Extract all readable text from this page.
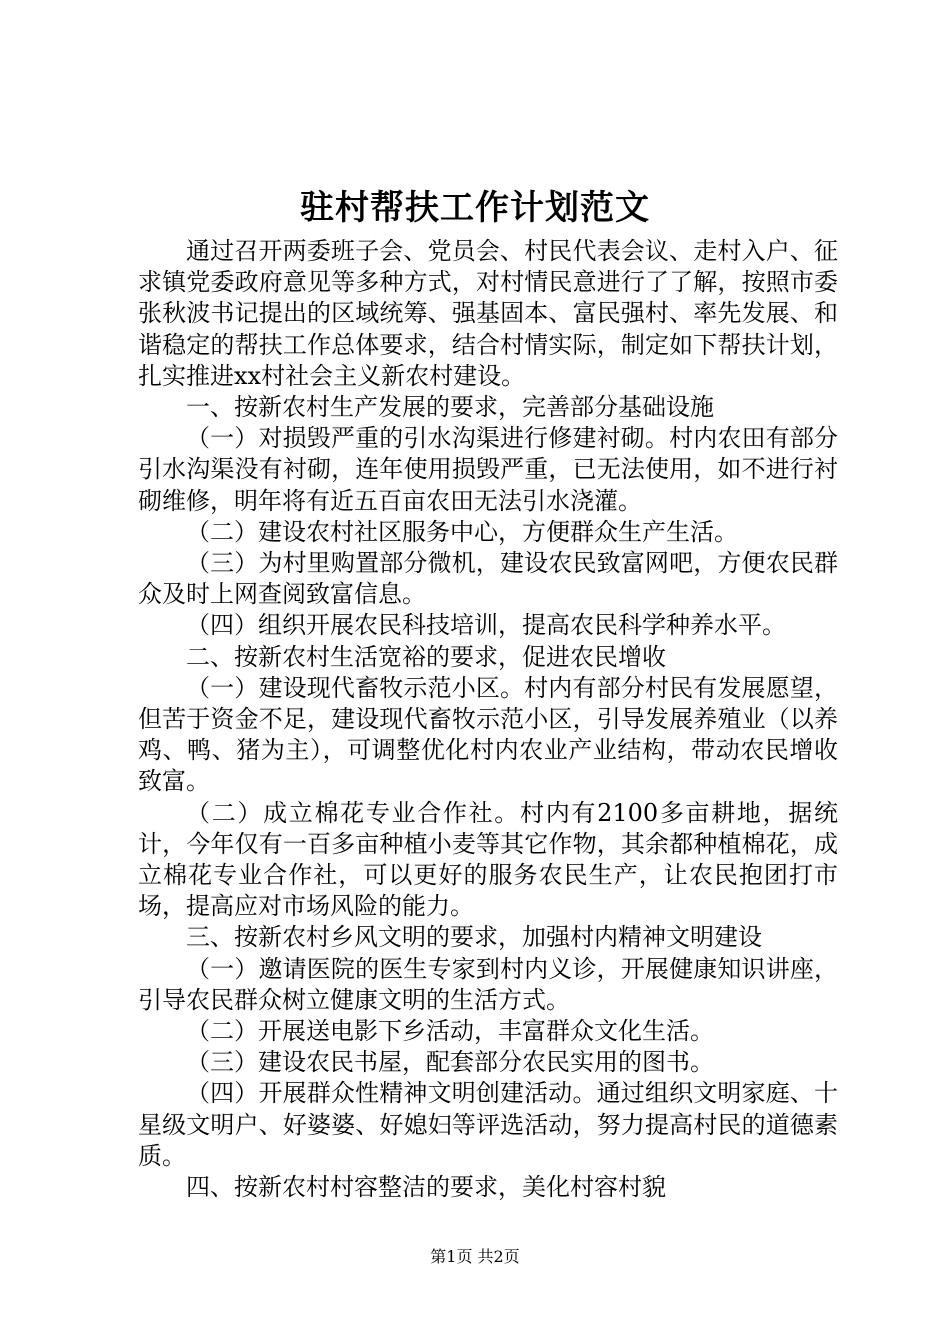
驻村帮扶工作计划范文

通过召开两委班子会、党员会、村民代表会议、走村入户、征求镇党委政府意见等多种方式，对村情民意进行了了解，按照市委张秋波书记提出的区域统筹、强基固本、富民强村、率先发展、和谐稳定的帮扶工作总体要求，结合村情实际，制定如下帮扶计划，扎实推进xx村社会主义新农村建设。

一、按新农村生产发展的要求，完善部分基础设施

（一）对损毁严重的引水沟渠进行修建衬砌。村内农田有部分引水沟渠没有衬砌，连年使用损毁严重，已无法使用，如不进行衬砌维修，明年将有近五百亩农田无法引水浇灌。

（二）建设农村社区服务中心，方便群众生产生活。

（三）为村里购置部分微机，建设农民致富网吧，方便农民群众及时上网查阅致富信息。

（四）组织开展农民科技培训，提高农民科学种养水平。

二、按新农村生活宽裕的要求，促进农民增收

（一）建设现代畜牧示范小区。村内有部分村民有发展愿望，但苦于资金不足，建设现代畜牧示范小区，引导发展养殖业（以养鸡、鸭、猪为主），可调整优化村内农业产业结构，带动农民增收致富。

（二）成立棉花专业合作社。村内有2100多亩耕地，据统计，今年仅有一百多亩种植小麦等其它作物，其余都种植棉花，成立棉花专业合作社，可以更好的服务农民生产，让农民抱团打市场，提高应对市场风险的能力。

三、按新农村乡风文明的要求，加强村内精神文明建设

（一）邀请医院的医生专家到村内义诊，开展健康知识讲座，引导农民群众树立健康文明的生活方式。

（二）开展送电影下乡活动，丰富群众文化生活。

（三）建设农民书屋，配套部分农民实用的图书。

（四）开展群众性精神文明创建活动。通过组织文明家庭、十星级文明户、好婆婆、好媳妇等评选活动，努力提高村民的道德素质。

四、按新农村村容整洁的要求，美化村容村貌

第1页 共2页
